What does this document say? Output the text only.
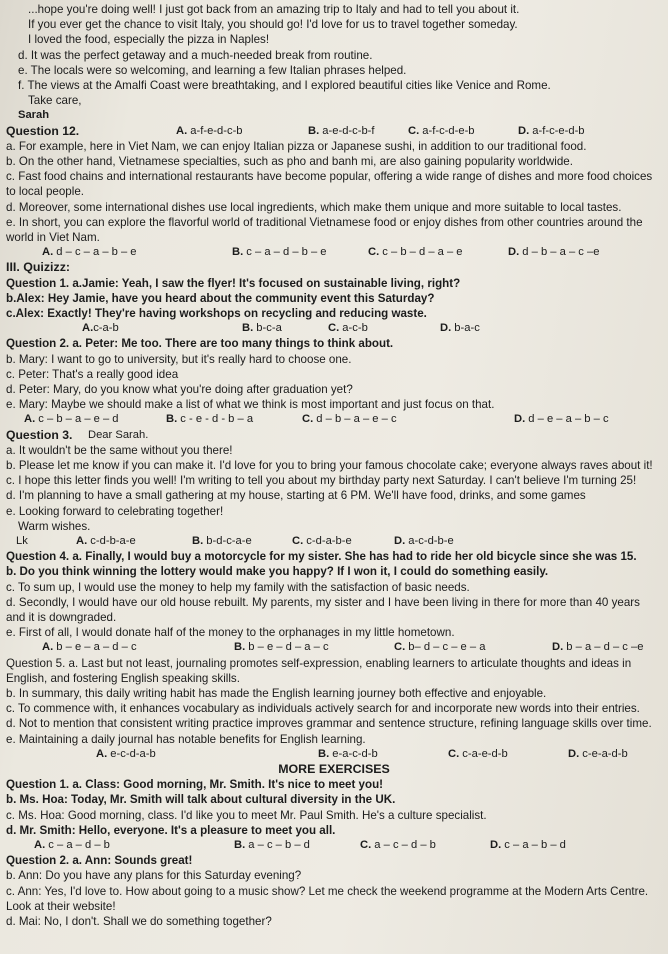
...hope you're doing well! I just got back from an amazing trip to Italy and had to tell you about it.

If you ever get the chance to visit Italy, you should go! I'd love for us to travel together someday.

I loved the food, especially the pizza in Naples!

d. It was the perfect getaway and a much-needed break from routine.

e. The locals were so welcoming, and learning a few Italian phrases helped.

f. The views at the Amalfi Coast were breathtaking, and I explored beautiful cities like Venice and Rome.

Take care,

Sarah
Question 12.	A. a-f-e-d-c-b	B. a-e-d-c-b-f	C. a-f-c-d-e-b	D. a-f-c-e-d-b

a. For example, here in Viet Nam, we can enjoy Italian pizza or Japanese sushi, in addition to our traditional food.

b. On the other hand, Vietnamese specialties, such as pho and banh mi, are also gaining popularity worldwide.

c. Fast food chains and international restaurants have become popular, offering a wide range of dishes and more food choices to local people.

d. Moreover, some international dishes use local ingredients, which make them unique and more suitable to local tastes.

e. In short, you can explore the flavorful world of traditional Vietnamese food or enjoy dishes from other countries around the world in Viet Nam.

A. d – c – a – b – e	B. c – a – d – b – e	C. c – b – d – a – e	D. d – b – a – c –e

III. Quizizz:

Question 1. a.Jamie: Yeah, I saw the flyer! It's focused on sustainable living, right?

b.Alex: Hey Jamie, have you heard about the community event this Saturday?

c.Alex: Exactly! They're having workshops on recycling and reducing waste.

A.c-a-b	B. b-c-a	C. a-c-b	D. b-a-c

Question 2. a. Peter: Me too. There are too many things to think about.

b. Mary: I want to go to university, but it's really hard to choose one.

c. Peter: That's a really good idea

d. Peter: Mary, do you know what you're doing after graduation yet?

e. Mary: Maybe we should make a list of what we think is most important and just focus on that.

A. c – b – a – e – d	B. c - e - d - b – a	C. d – b – a – e – c	D. d – e – a – b – c
Question 3.	Dear Sarah.

a. It wouldn't be the same without you there!

b. Please let me know if you can make it. I'd love for you to bring your famous chocolate cake; everyone always raves about it!

c. I hope this letter finds you well! I'm writing to tell you about my birthday party next Saturday. I can't believe I'm turning 25!

d. I'm planning to have a small gathering at my house, starting at 6 PM. We'll have food, drinks, and some games

e. Looking forward to celebrating together!

Warm wishes.

Lk	A. c-d-b-a-e	B. b-d-c-a-e	C. c-d-a-b-e	D. a-c-d-b-e

Question 4. a. Finally, I would buy a motorcycle for my sister. She has had to ride her old bicycle since she was 15.

b. Do you think winning the lottery would make you happy? If I won it, I could do something easily.

c. To sum up, I would use the money to help my family with the satisfaction of basic needs.

d. Secondly, I would have our old house rebuilt. My parents, my sister and I have been living in there for more than 40 years and it is downgraded.

e. First of all, I would donate half of the money to the orphanages in my little hometown.

A. b – e – a – d – c	B. b – e – d – a – c	C. b– d – c – e – a	D. b – a – d – c –e

Question 5. a. Last but not least, journaling promotes self-expression, enabling learners to articulate thoughts and ideas in English, and fostering English speaking skills.

b. In summary, this daily writing habit has made the English learning journey both effective and enjoyable.

c. To commence with, it enhances vocabulary as individuals actively search for and incorporate new words into their entries.

d. Not to mention that consistent writing practice improves grammar and sentence structure, refining language skills over time.

e. Maintaining a daily journal has notable benefits for English learning.

A. e-c-d-a-b	B. e-a-c-d-b	C. c-a-e-d-b	D. c-e-a-d-b

MORE EXERCISES

Question 1. a. Class: Good morning, Mr. Smith. It's nice to meet you!

b. Ms. Hoa: Today, Mr. Smith will talk about cultural diversity in the UK.

c. Ms. Hoa: Good morning, class. I'd like you to meet Mr. Paul Smith. He's a culture specialist.

d. Mr. Smith: Hello, everyone. It's a pleasure to meet you all.

A. c – a – d – b	B. a – c – b – d	C. a – c – d – b	D. c – a – b – d

Question 2. a. Ann: Sounds great!

b. Ann: Do you have any plans for this Saturday evening?

c. Ann: Yes, I'd love to. How about going to a music show? Let me check the weekend programme at the Modern Arts Centre. Look at their website!

d. Mai: No, I don't. Shall we do something together?
